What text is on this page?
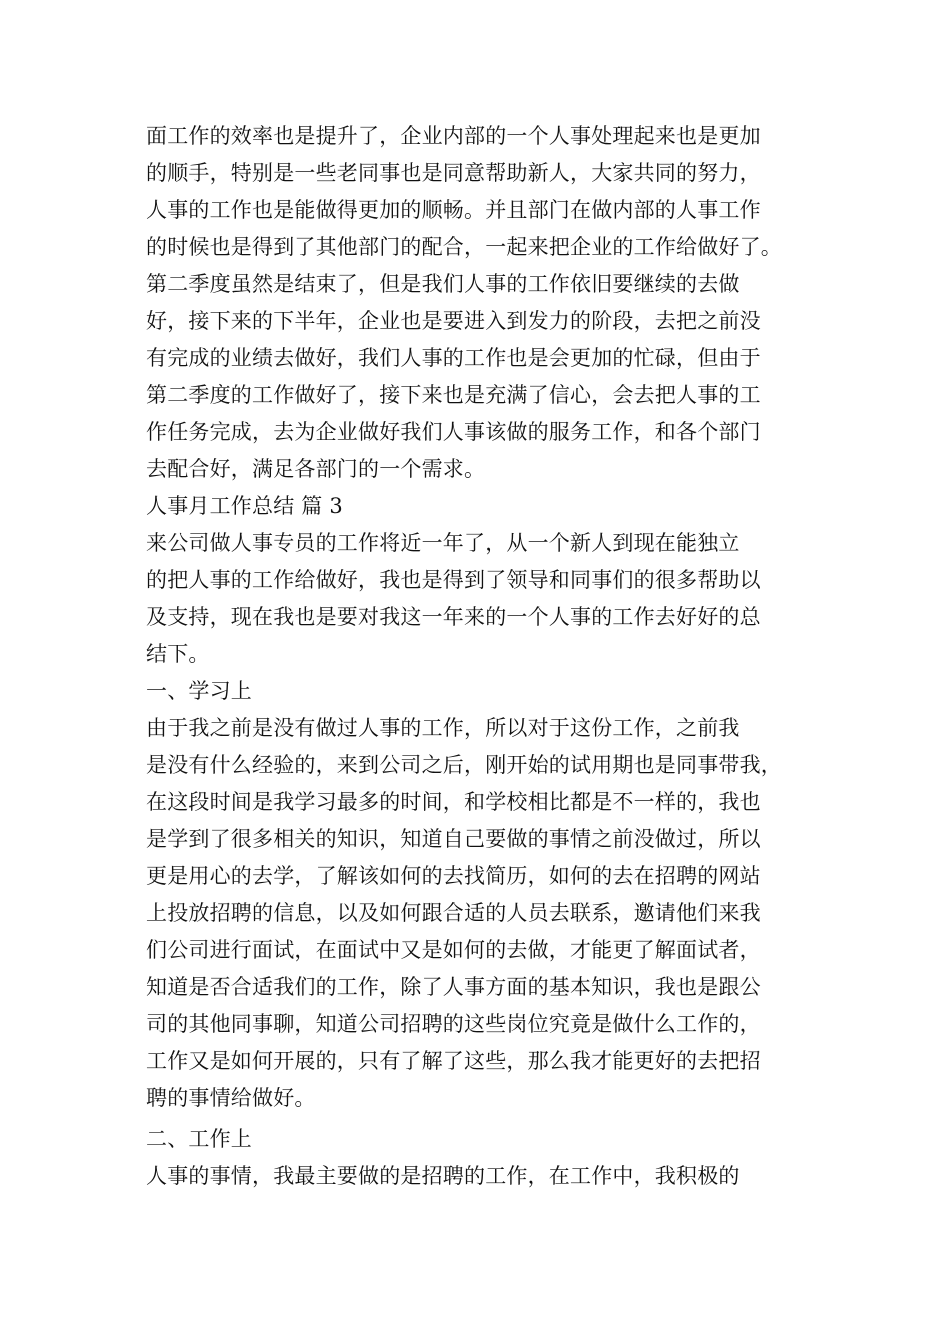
面工作的效率也是提升了，企业内部的一个人事处理起来也是更加
的顺手，特别是一些老同事也是同意帮助新人，大家共同的努力，
人事的工作也是能做得更加的顺畅。并且部门在做内部的人事工作
的时候也是得到了其他部门的配合，一起来把企业的工作给做好了。
第二季度虽然是结束了，但是我们人事的工作依旧要继续的去做
好，接下来的下半年，企业也是要进入到发力的阶段，去把之前没
有完成的业绩去做好，我们人事的工作也是会更加的忙碌，但由于
第二季度的工作做好了，接下来也是充满了信心，会去把人事的工
作任务完成，去为企业做好我们人事该做的服务工作，和各个部门
去配合好，满足各部门的一个需求。
人事月工作总结 篇 3
来公司做人事专员的工作将近一年了，从一个新人到现在能独立
的把人事的工作给做好，我也是得到了领导和同事们的很多帮助以
及支持，现在我也是要对我这一年来的一个人事的工作去好好的总
结下。
一、学习上
由于我之前是没有做过人事的工作，所以对于这份工作，之前我
是没有什么经验的，来到公司之后，刚开始的试用期也是同事带我，
在这段时间是我学习最多的时间，和学校相比都是不一样的，我也
是学到了很多相关的知识，知道自己要做的事情之前没做过，所以
更是用心的去学，了解该如何的去找简历，如何的去在招聘的网站
上投放招聘的信息，以及如何跟合适的人员去联系，邀请他们来我
们公司进行面试，在面试中又是如何的去做，才能更了解面试者，
知道是否合适我们的工作，除了人事方面的基本知识，我也是跟公
司的其他同事聊，知道公司招聘的这些岗位究竟是做什么工作的，
工作又是如何开展的，只有了解了这些，那么我才能更好的去把招
聘的事情给做好。
二、工作上
人事的事情，我最主要做的是招聘的工作，在工作中，我积极的
